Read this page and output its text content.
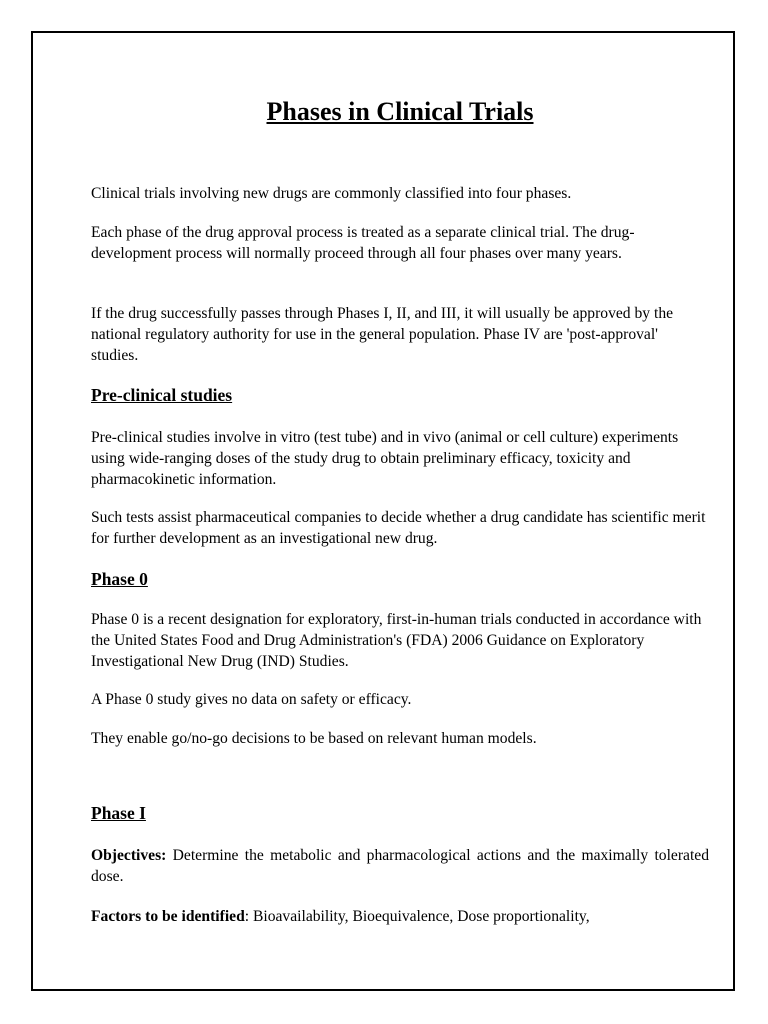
Phases in Clinical Trials

Clinical trials involving new drugs are commonly classified into four phases.

Each phase of the drug approval process is treated as a separate clinical trial. The drug-development process will normally proceed through all four phases over many years.

If the drug successfully passes through Phases I, II, and III, it will usually be approved by the national regulatory authority for use in the general population. Phase IV are 'post-approval' studies.

Pre-clinical studies

Pre-clinical studies involve in vitro (test tube) and in vivo (animal or cell culture) experiments using wide-ranging doses of the study drug to obtain preliminary efficacy, toxicity and pharmacokinetic information.

Such tests assist pharmaceutical companies to decide whether a drug candidate has scientific merit for further development as an investigational new drug.

Phase 0

Phase 0 is a recent designation for exploratory, first-in-human trials conducted in accordance with the United States Food and Drug Administration's (FDA) 2006 Guidance on Exploratory Investigational New Drug (IND) Studies.

A Phase 0 study gives no data on safety or efficacy.

They enable go/no-go decisions to be based on relevant human models.

Phase I

Objectives: Determine the metabolic and pharmacological actions and the maximally tolerated dose.

Factors to be identified: Bioavailability, Bioequivalence, Dose proportionality,
